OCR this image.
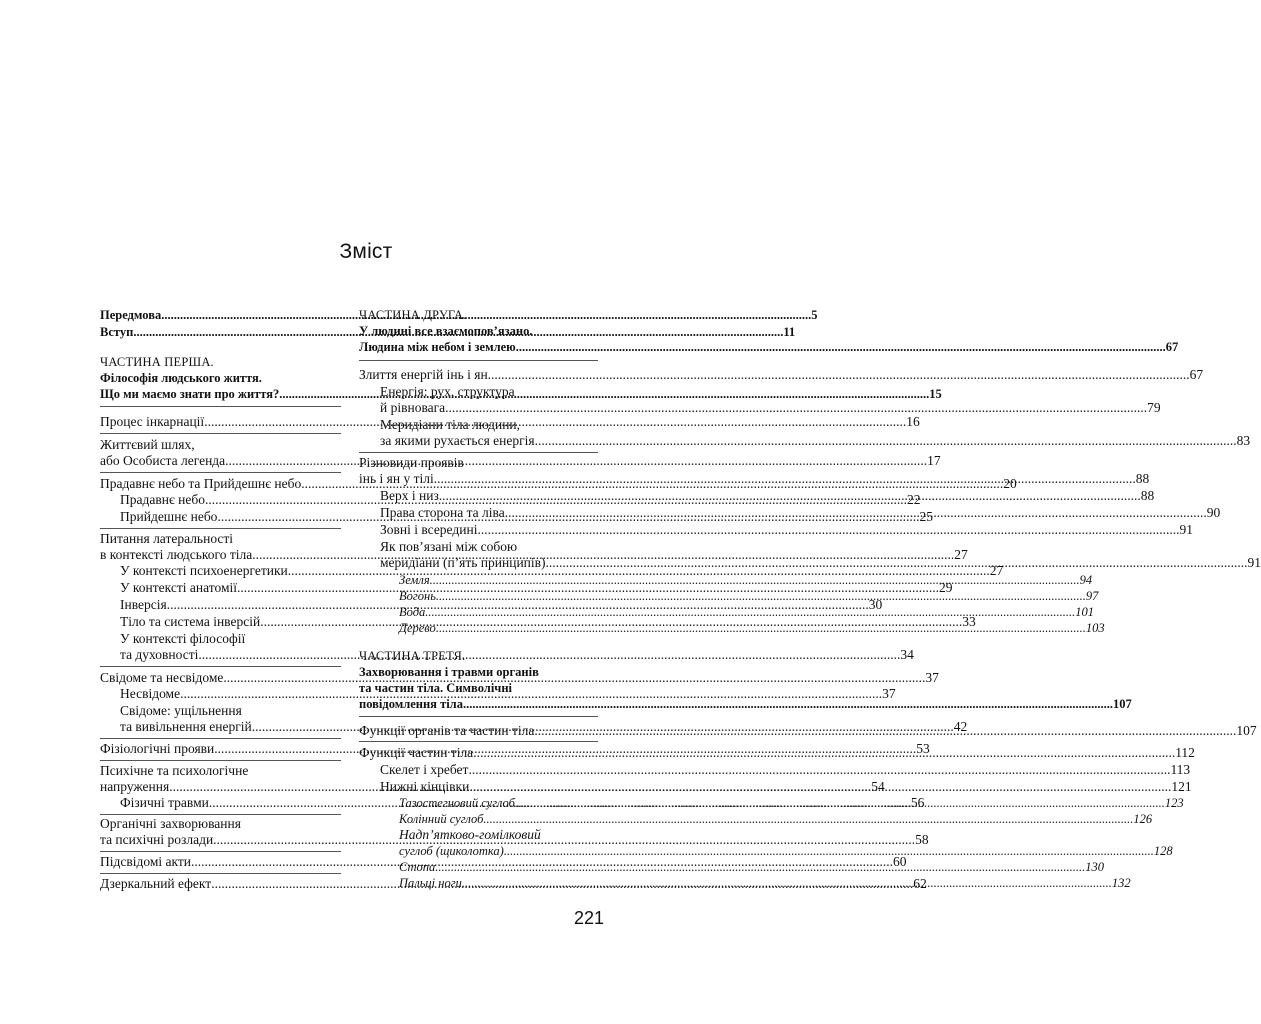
Зміст
Передмова .....	5
Вступ .....	11
ЧАСТИНА ПЕРША.
Філософія людського життя.
Що ми маємо знати про життя? .....	15
Процес інкарнації .....	16
Життєвий шлях,
або Особиста легенда .....	17
Прадавнє небо та Прийдешнє небо .....	20
Прадавнє небо .....	22
Прийдешнє небо .....	25
Питання латеральності
в контексті людського тіла .....	27
У контексті психоенергетики .....	27
У контексті анатомії .....	29
Інверсія .....	30
Тіло та система інверсій .....	33
У контексті філософії
та духовності .....	34
Свідоме та несвідоме .....	37
Несвідоме .....	37
Свідоме: ущільнення
та вивільнення енергій .....	42
Фізіологічні прояви .....	53
Психічне та психологічне
напруження .....	54
Фізичні травми .....	56
Органічні захворювання
та психічні розлади .....	58
Підсвідомі акти .....	60
Дзеркальний ефект .....	62
ЧАСТИНА ДРУГА.
У людині все взаємопов’язано.
Людина між небом і землею .....	67
Злиття енергій інь і ян .....	67
Енергія: рух, структура
й рівновага .....	79
Меридіани тіла людини,
за якими рухається енергія .....	83
Різновиди проявів
інь і ян у тілі .....	88
Верх і низ .....	88
Права сторона та ліва .....	90
Зовні і всередині .....	91
Як пов’язані між собою
меридіани (п’ять принципів) .....	91
Земля .....	94
Вогонь .....	97
Вода .....	101
Дерево .....	103
ЧАСТИНА ТРЕТЯ.
Захворювання і травми органів
та частин тіла. Символічні
повідомлення тіла .....	107
Функції органів та частин тіла .....	107
Функції частин тіла .....	112
Скелет і хребет .....	113
Нижні кінцівки .....	121
Тазостегновий суглоб .....	123
Колінний суглоб .....	126
Надп’ятково-гомілковий
суглоб (щиколотка) .....	128
Стопа .....	130
Пальці ноги .....	132
221
